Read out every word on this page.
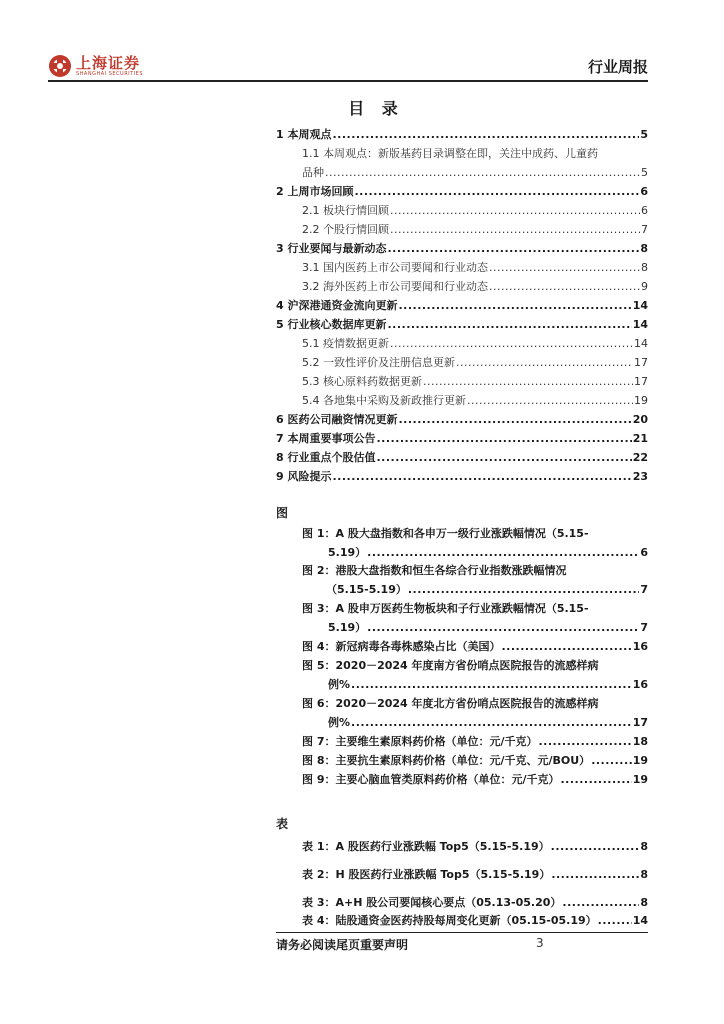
上海证券
SHANGHAI SECURITIES	行业周报
目 录
1 本周观点 .....	5
1.1 本周观点：新版基药目录调整在即，关注中成药、儿童药
品种 .....	5
2 上周市场回顾 .....	6
2.1 板块行情回顾 .....	6
2.2 个股行情回顾 .....	7
3 行业要闻与最新动态 .....	8
3.1 国内医药上市公司要闻和行业动态 .....	8
3.2 海外医药上市公司要闻和行业动态 .....	9
4 沪深港通资金流向更新 .....	14
5 行业核心数据库更新 .....	14
5.1 疫情数据更新 .....	14
5.2 一致性评价及注册信息更新 .....	17
5.3 核心原料药数据更新 .....	17
5.4 各地集中采购及新政推行更新 .....	19
6 医药公司融资情况更新 .....	20
7 本周重要事项公告 .....	21
8 行业重点个股估值 .....	22
9 风险提示 .....	23
图
图 1：A 股大盘指数和各申万一级行业涨跌幅情况（5.15-
5.19） .....	6
图 2：港股大盘指数和恒生各综合行业指数涨跌幅情况
（5.15-5.19） .....	7
图 3：A 股申万医药生物板块和子行业涨跌幅情况（5.15-
5.19） .....	7
图 4：新冠病毒各毒株感染占比（美国） .....	16
图 5：2020－2024 年度南方省份哨点医院报告的流感样病
例% .....	16
图 6：2020－2024 年度北方省份哨点医院报告的流感样病
例% .....	17
图 7：主要维生素原料药价格（单位：元/千克） .....	18
图 8：主要抗生素原料药价格（单位：元/千克、元/BOU） .....	19
图 9：主要心脑血管类原料药价格（单位：元/千克） .....	19
表
表 1：A 股医药行业涨跌幅 Top5（5.15-5.19） .....	8
表 2：H 股医药行业涨跌幅 Top5（5.15-5.19） .....	8
表 3：A+H 股公司要闻核心要点（05.13-05.20） .....	8
表 4：陆股通资金医药持股每周变化更新（05.15-05.19） .....	14
请务必阅读尾页重要声明	3
